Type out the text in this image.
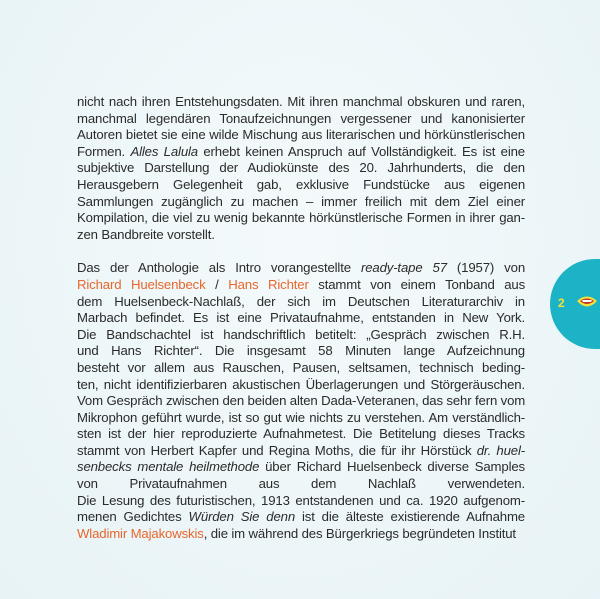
nicht nach ihren Entstehungsdaten. Mit ihren manchmal obskuren und raren,
manchmal legendären Tonaufzeichnungen vergessener und kanonisierter
Autoren bietet sie eine wilde Mischung aus literarischen und hörkünstlerischen
Formen. Alles Lalula erhebt keinen Anspruch auf Vollständigkeit. Es ist eine
subjektive Darstellung der Audiokünste des 20. Jahrhunderts, die den
Herausgebern Gelegenheit gab, exklusive Fundstücke aus eigenen
Sammlungen zugänglich zu machen – immer freilich mit dem Ziel einer
Kompilation, die viel zu wenig bekannte hörkünstlerische Formen in ihrer gan-
zen Bandbreite vorstellt.
Das der Anthologie als Intro vorangestellte ready-tape 57 (1957) von
Richard Huelsenbeck / Hans Richter stammt von einem Tonband aus
dem Huelsenbeck-Nachlaß, der sich im Deutschen Literaturarchiv in
Marbach befindet. Es ist eine Privataufnahme, entstanden in New York.
Die Bandschachtel ist handschriftlich betitelt: „Gespräch zwischen R.H.
und Hans Richter“. Die insgesamt 58 Minuten lange Aufzeichnung
besteht vor allem aus Rauschen, Pausen, seltsamen, technisch beding-
ten, nicht identifizierbaren akustischen Überlagerungen und Störgeräuschen.
Vom Gespräch zwischen den beiden alten Dada-Veteranen, das sehr fern vom
Mikrophon geführt wurde, ist so gut wie nichts zu verstehen. Am verständlich-
sten ist der hier reproduzierte Aufnahmetest. Die Betitelung dieses Tracks
stammt von Herbert Kapfer und Regina Moths, die für ihr Hörstück dr. huel-
senbecks mentale heilmethode über Richard Huelsenbeck diverse Samples
von Privataufnahmen aus dem Nachlaß verwendeten.
Die Lesung des futuristischen, 1913 entstandenen und ca. 1920 aufgenom-
menen Gedichtes Würden Sie denn ist die älteste existierende Aufnahme
Wladimir Majakowskis, die im während des Bürgerkriegs begründeten Institut
2
